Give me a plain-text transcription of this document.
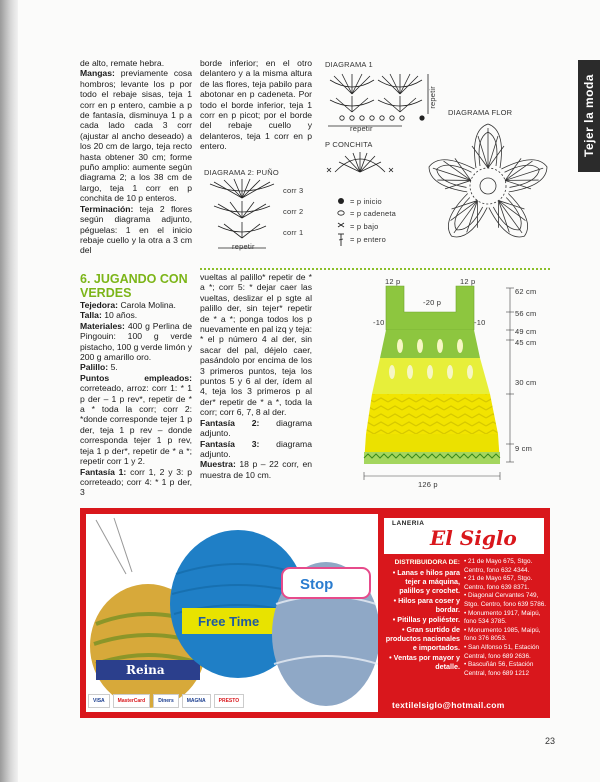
Tejer la moda

de alto, remate hebra.

Mangas: previamente cosa hombros; levante los p por todo el rebaje sisas, teja 1 corr en p entero, cambie a p de fantasía, disminuya 1 p a cada lado cada 3 corr (ajustar al ancho deseado) a los 20 cm de largo, teja recto hasta obtener 30 cm; forme puño amplio: aumente según diagrama 2; a los 38 cm de largo, teja 1 corr en p conchita de 10 p enteros.

Terminación: teja 2 flores según diagrama adjunto, péguelas: 1 en el inicio rebaje cuello y la otra a 3 cm del

borde inferior; en el otro delantero y a la misma altura de las flores, teja pabilo para abotonar en p cadeneta. Por todo el borde inferior, teja 1 corr en p picot; por el borde del rebaje cuello y delanteros, teja 1 corr en p entero.

DIAGRAMA 1
repetir
repetir
DIAGRAMA FLOR
P CONCHITA
= p inicio
= p cadeneta
= p bajo
= p entero
DIAGRAMA 2: PUÑO
corr 3
corr 2
corr 1
repetir
6. JUGANDO CON VERDES

Tejedora: Carola Molina.

Talla: 10 años.

Materiales: 400 g Perlina de Pingouin: 100 g verde pistacho, 100 g verde limón y 200 g amarillo oro.

Palillo: 5.

Puntos empleados: correteado, arroz: corr 1: * 1 p der – 1 p rev*, repetir de * a * toda la corr; corr 2: *donde corresponde tejer 1 p der, teja 1 p rev – donde corresponda tejer 1 p rev, teja 1 p der*, repetir de * a *; repetir corr 1 y 2.

Fantasía 1: corr 1, 2 y 3: p correteado; corr 4: * 1 p der, 3

vueltas al palillo* repetir de * a *; corr 5: * dejar caer las vueltas, deslizar el p sgte al palillo der, sin tejer* repetir de * a *; ponga todos los p nuevamente en pal izq y teja: * el p número 4 al der, sin sacar del pal, déjelo caer, pasándolo por encima de los 3 primeros puntos, teja los puntos 5 y 6 al der, ídem al 4, teja los 3 primeros p al der* repetir de * a *, toda la corr; corr 6, 7, 8 al der.

Fantasía 2: diagrama adjunto.

Fantasía 3: diagrama adjunto.

Muestra: 18 p – 22 corr, en muestra de 10 cm.

12 p
-20 p
12 p
-10	-10
62 cm
56 cm
49 cm
45 cm
30 cm
9 cm
126 p
Reina
Free Time
Stop
VISA	MasterCard	Diners	MAGNA	PRESTO
LANERIA
El Siglo
DISTRIBUIDORA DE:
• Lanas e hilos para tejer a máquina, palillos y crochet.
• Hilos para coser y bordar.
• Pitillas y poliéster.
• Gran surtido de productos nacionales e importados.
• Ventas por mayor y detalle.
• 21 de Mayo 675, Stgo. Centro, fono 632 4344.
• 21 de Mayo 657, Stgo. Centro, fono 639 8371.
• Diagonal Cervantes 749, Stgo. Centro, fono 639 5786.
• Monumento 1917, Maipú, fono 534 3785.
• Monumento 1985, Maipú, fono 376 8053.
• San Alfonso 51, Estación Central, fono 689 2636.
• Bascuñán 56, Estación Central, fono 689 1212
textilelsiglo@hotmail.com
23
